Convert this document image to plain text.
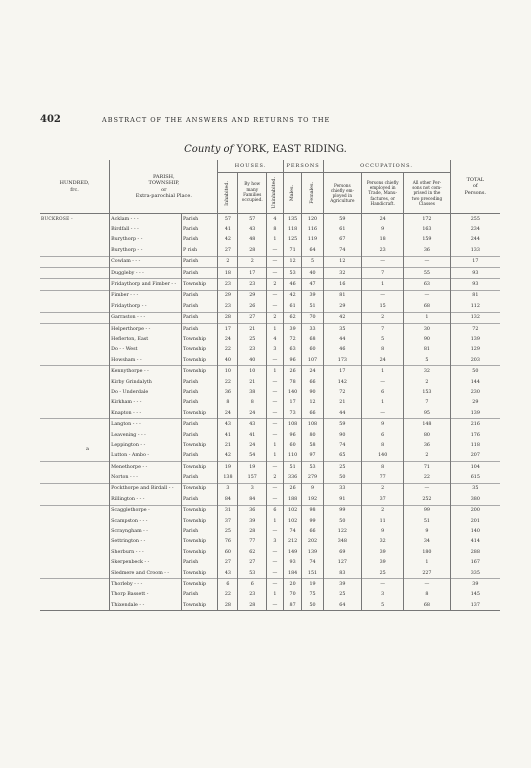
402	ABSTRACT OF THE ANSWERS AND RETURNS TO THE
County of YORK, EAST RIDING.
a
HUNDRED,
frc.	PARISH,
TOWNSHIP,
or
Extra-parochial Place.		HOUSES.			PERSONS		OCCUPATIONS.			TOTAL
of
Persons.

			Inhabited.	By how
many
Families
occupied.	Uninhabited.	Males.	Females.	Persons
chiefly em-
ployed in
Agriculture	Persons chiefly
employed in
Trade, Manu-
factures, or
Handicraft.	All other Per-
sons not com-
prised in the
two preceding
Classes	
BUCKROSE -	Acklam - - -	Parish	57	57	4	135	120	59	24	172	255
	Birdfall - - -	Parish	41	43	8	118	116	61	9	163	234
	Burythorp - -	Parish	42	48	1	125	119	67	18	159	244
	Burythorp - -	P rish	27	28	—	71	64	74	23	36	133
	Cowlam - - -	Parish	2	2	—	12	5	12	—	—	17
	Duggleby - - -	Parish	18	17	—	53	40	32	7	55	93
	Fridaythorp and Fimber - -	Township	23	23	2	46	47	16	1	63	93
	Fimber - - -	Parish	29	29	—	42	39	81	—	—	81
	Fridaythorp - -	Parish	23	26	—	61	51	29	15	68	112
	Garraston - - -	Parish	28	27	2	62	70	42	2	1	132
	Helperthorpe - -	Parish	17	21	1	39	33	35	7	30	72
	Heflerton, East	Township	24	25	4	72	68	44	5	90	139
	Do - - West	Township	22	23	3	63	60	46	8	81	129
	Howsham - -	Township	40	40	—	96	107	173	24	5	203
	Kennythorpe - -	Township	10	10	1	26	24	17	1	32	50
	Kirby Grindalyth	Parish	22	21	—	78	66	142	—	2	144
	Do - Underdale	Parish	36	38	—	140	90	72	6	153	230
	Kirkham - - -	Parish	8	8	—	17	12	21	1	7	29
	Knapton - - -	Township	24	24	—	73	66	44	—	95	139
	Langton - - -	Parish	43	43	—	108	108	59	9	148	216
	Leavening - - -	Parish	41	41	—	96	80	90	6	80	176
	Leppington - -	Township	21	24	1	60	58	74	8	36	118
	Lutton - Ambo -	Parish	42	54	1	110	97	65	140	2	207
	Menethorpe - -	Township	19	19	—	51	53	25	8	71	104
	Norton - - -	Parish	138	157	2	336	279	50	77	22	615
	Pockthorpe and Birdall - -	Township	3	3	—	26	9	33	2	—	35
	Rillington - - -	Parish	84	84	—	188	192	91	37	252	380
	Scagglethorpe -	Township	31	36	6	102	98	99	2	99	200
	Scampston - - -	Township	37	39	1	102	99	50	11	51	201
	Scrayngham - -	Parish	25	28	—	74	66	122	9	9	140
	Settrington - -	Township	76	77	3	212	202	348	32	34	414
	Sherburn - - -	Township	60	62	—	149	139	69	39	180	288
	Skerpenbeck - -	Parish	27	27	—	93	74	127	39	1	167
	Sledmere and Croom - -	Township	43	53	—	184	151	83	25	227	335
	Thorleby - - -	Township	6	6	—	20	19	39	—	—	39
	Thorp Bassett -	Parish	22	23	1	70	75	25	3	8	145
	Thixendale - -	Township	28	28	—	87	50	64	5	68	137
